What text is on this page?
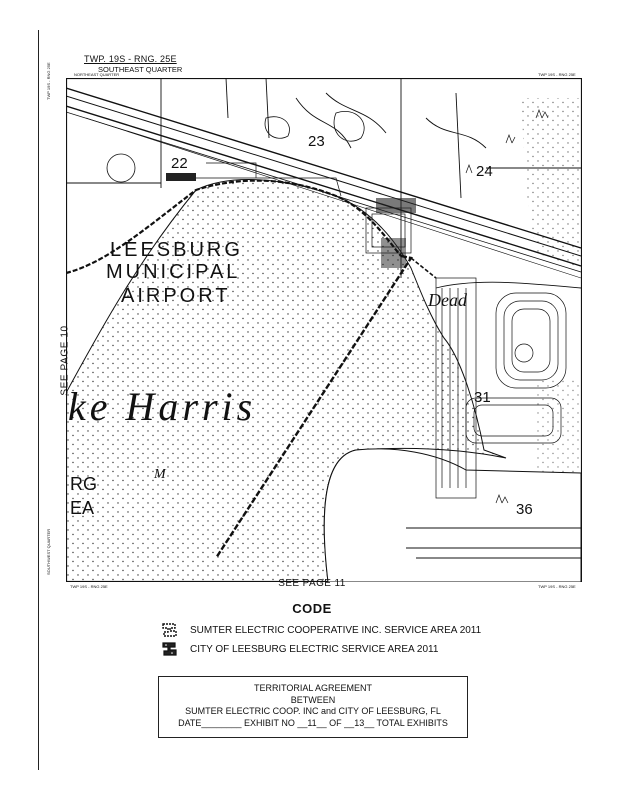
TWP. 19S - RNG. 25E
SOUTHEAST QUARTER
NORTHEAST QUARTER	TWP 19S - RNG 25E
TWP 19S - RNG 25E	TWP 19S - RNG 25E
TWP 19S - RNG 25E
SOUTHWEST QUARTER
LEESBURG
MUNICIPAL
AIRPORT
ke Harris
RG
EA
M
22
23
24
31
36
Dead
SEE PAGE 10
SEE PAGE 11
CODE
SUMTER ELECTRIC COOPERATIVE INC. SERVICE AREA 2011
CITY OF LEESBURG ELECTRIC SERVICE AREA 2011
TERRITORIAL AGREEMENT
BETWEEN
SUMTER ELECTRIC COOP. INC and CITY OF LEESBURG, FL
DATE________ EXHIBIT NO __11__ OF __13__ TOTAL EXHIBITS
